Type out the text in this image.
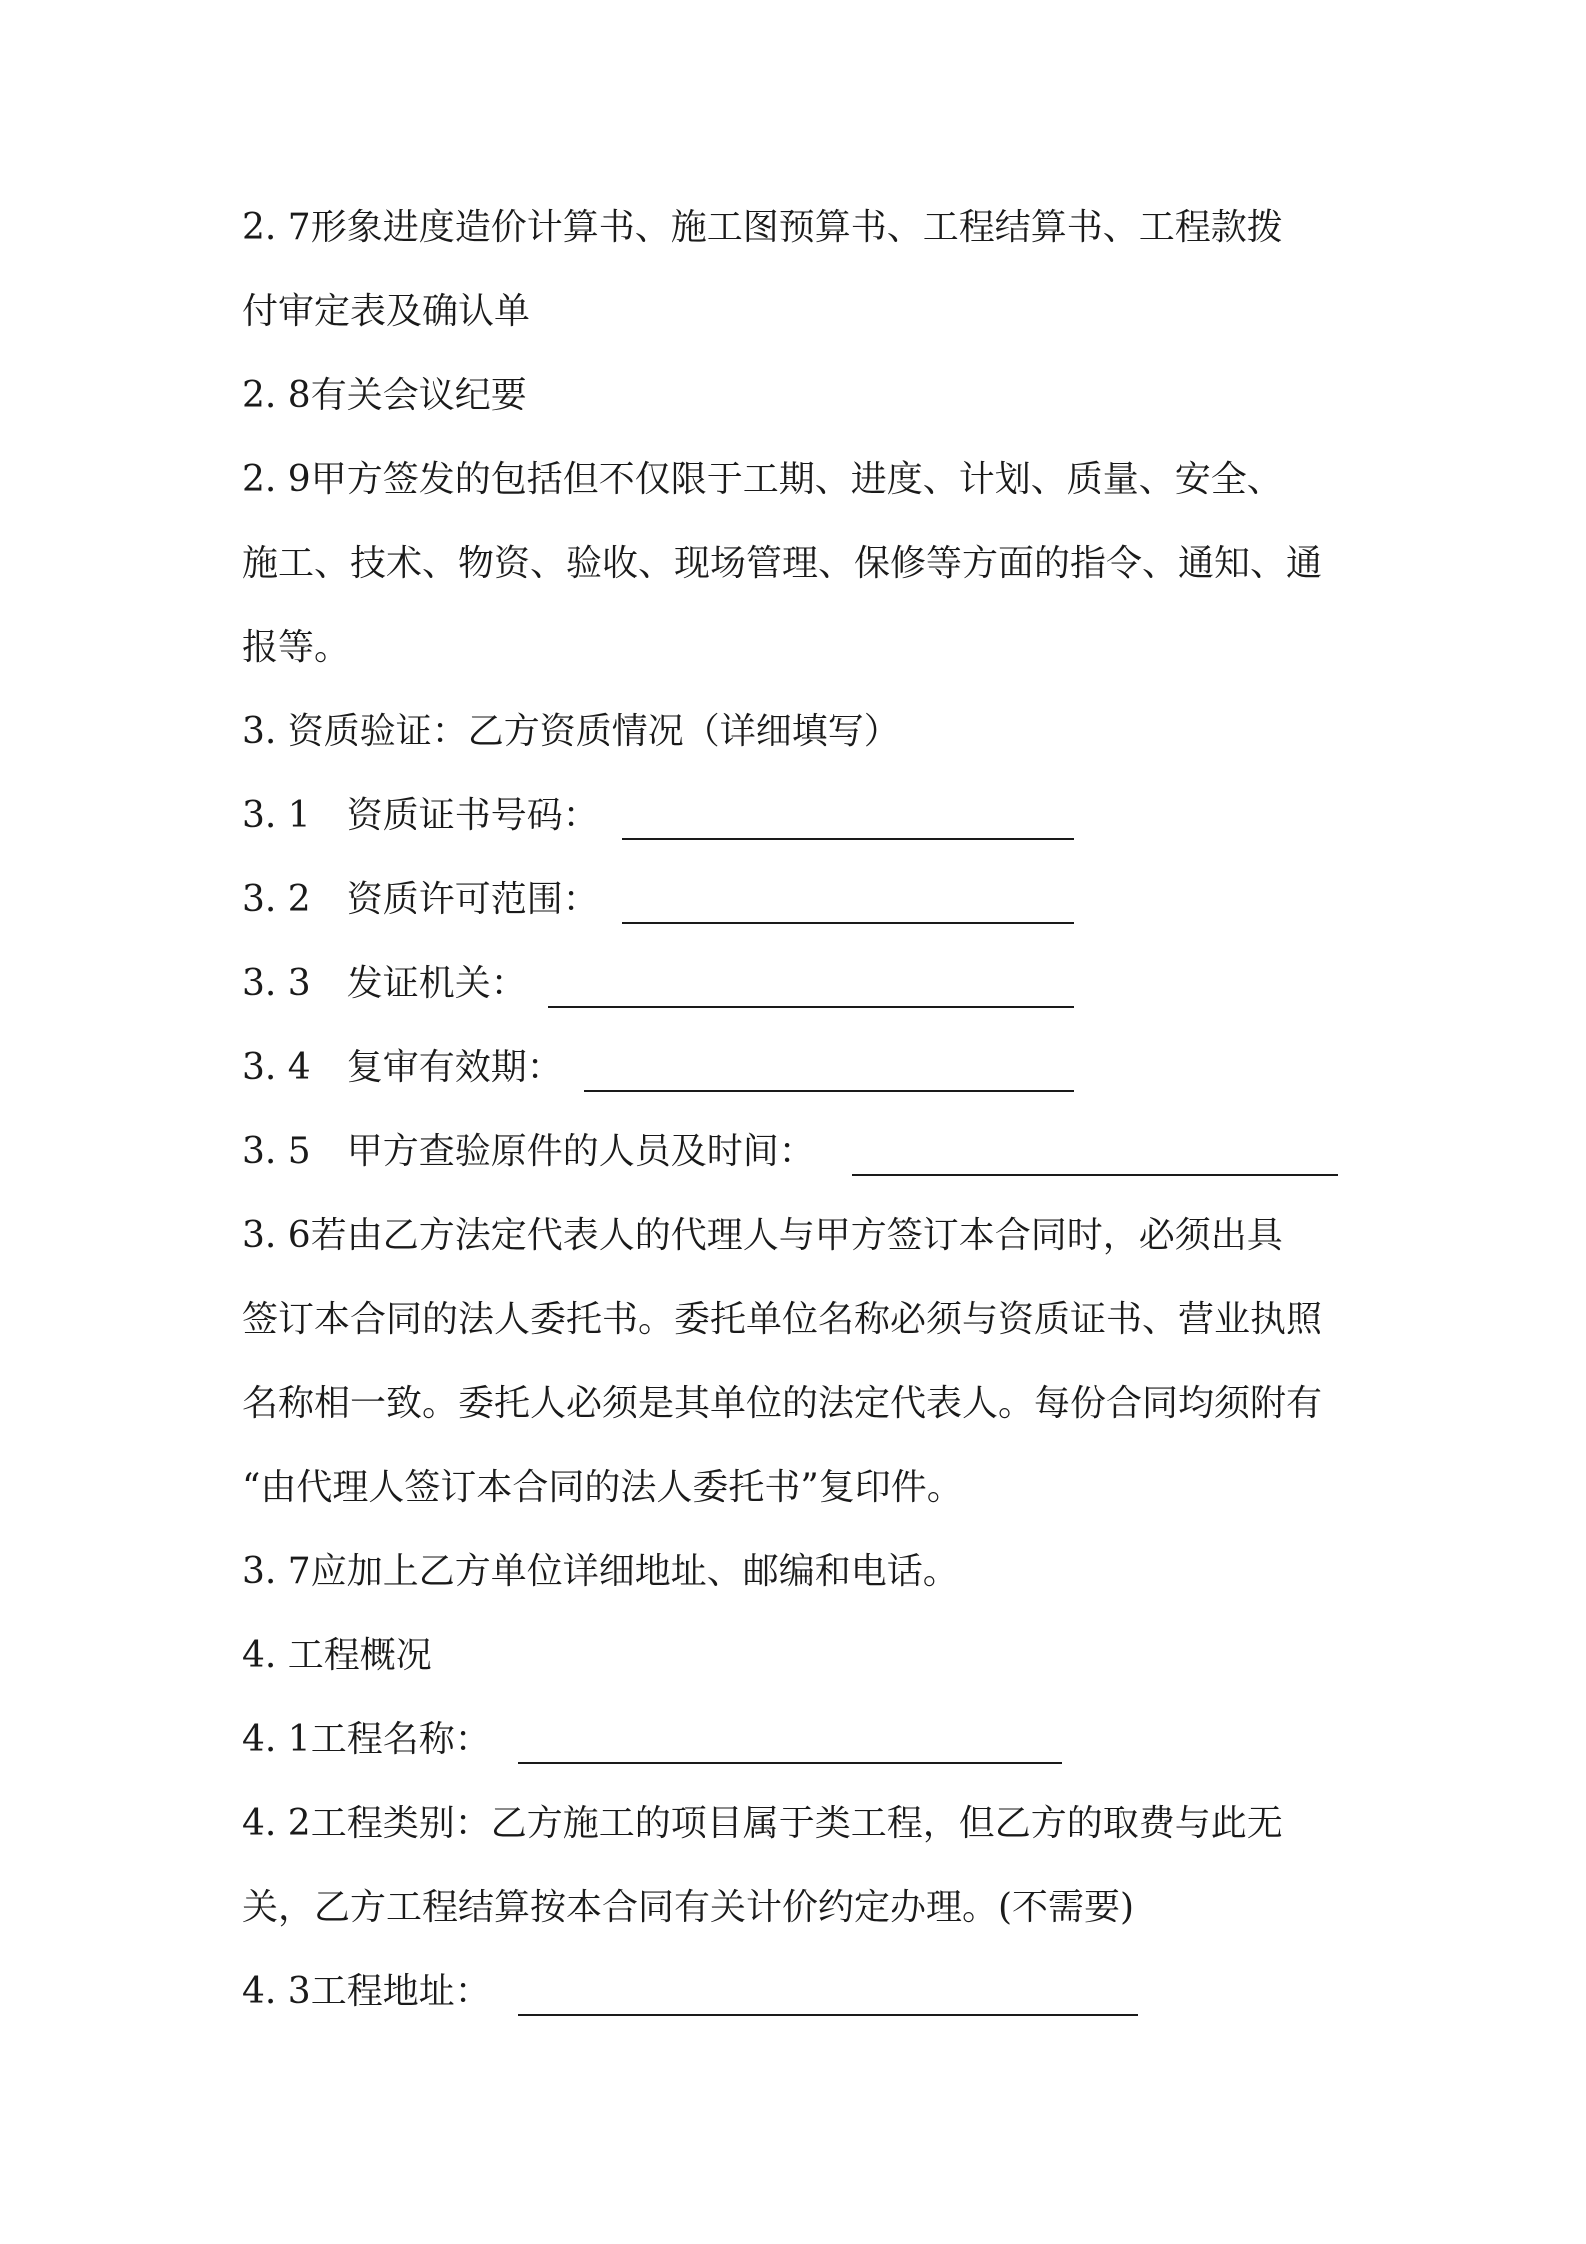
2. 7形象进度造价计算书、施工图预算书、工程结算书、工程款拨
付审定表及确认单
2. 8有关会议纪要
2. 9甲方签发的包括但不仅限于工期、进度、计划、质量、安全、
施工、技术、物资、验收、现场管理、保修等方面的指令、通知、通
报等。
3. 资质验证：乙方资质情况（详细填写）
3. 1　资质证书号码：
3. 2　资质许可范围：
3. 3　发证机关：
3. 4　复审有效期：
3. 5　甲方查验原件的人员及时间：
3. 6若由乙方法定代表人的代理人与甲方签订本合同时，必须出具
签订本合同的法人委托书。委托单位名称必须与资质证书、营业执照
名称相一致。委托人必须是其单位的法定代表人。每份合同均须附有
“由代理人签订本合同的法人委托书”复印件。
3. 7应加上乙方单位详细地址、邮编和电话。
4. 工程概况
4. 1工程名称：
4. 2工程类别：乙方施工的项目属于类工程，但乙方的取费与此无
关，乙方工程结算按本合同有关计价约定办理。(不需要)
4. 3工程地址：
